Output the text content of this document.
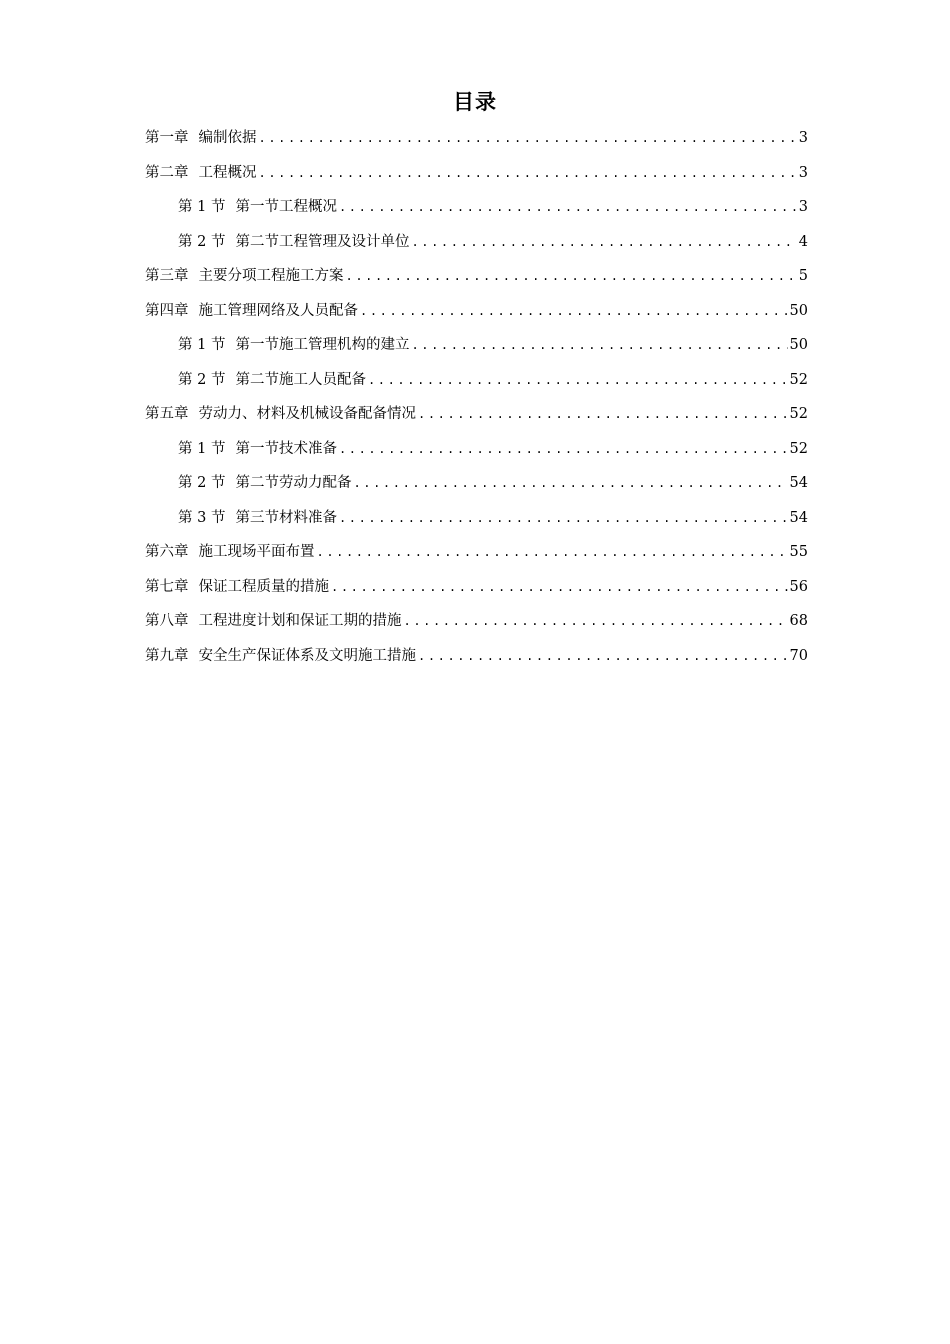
目录
第一章 编制依据 .....	3
第二章 工程概况 .....	3
第 1 节 第一节工程概况 .....	3
第 2 节 第二节工程管理及设计单位 .....	4
第三章 主要分项工程施工方案 .....	5
第四章 施工管理网络及人员配备 .....	50
第 1 节 第一节施工管理机构的建立 .....	50
第 2 节 第二节施工人员配备 .....	52
第五章 劳动力、材料及机械设备配备情况 .....	52
第 1 节 第一节技术准备 .....	52
第 2 节 第二节劳动力配备 .....	54
第 3 节 第三节材料准备 .....	54
第六章 施工现场平面布置 .....	55
第七章 保证工程质量的措施 .....	56
第八章 工程进度计划和保证工期的措施 .....	68
第九章 安全生产保证体系及文明施工措施 .....	70
